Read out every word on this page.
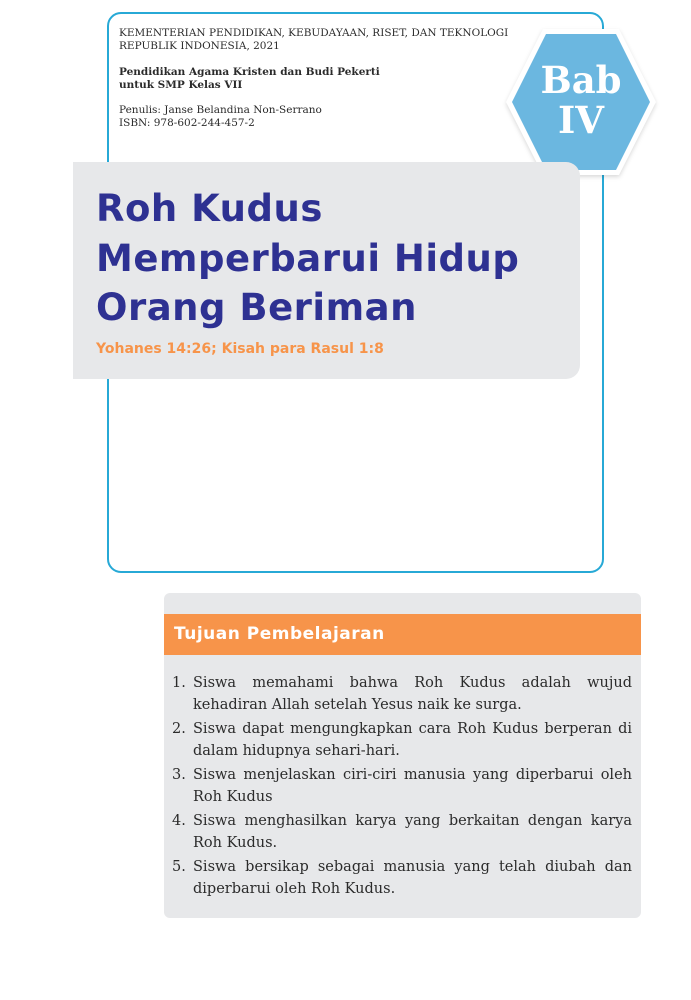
KEMENTERIAN PENDIDIKAN, KEBUDAYAAN, RISET, DAN TEKNOLOGI
REPUBLIK INDONESIA, 2021
Pendidikan Agama Kristen dan Budi Pekerti
untuk SMP Kelas VII
Penulis: Janse Belandina Non-Serrano
ISBN: 978-602-244-457-2
Bab
IV
Roh Kudus
Memperbarui Hidup
Orang Beriman
Yohanes 14:26; Kisah para Rasul 1:8
Tujuan Pembelajaran
1. Siswa memahami bahwa Roh Kudus adalah wujud kehadiran Allah setelah Yesus naik ke surga.
2. Siswa dapat mengungkapkan cara Roh Kudus berperan di dalam hidupnya sehari-hari.
3. Siswa menjelaskan ciri-ciri manusia yang diperbarui oleh Roh Kudus
4. Siswa menghasilkan karya yang berkaitan dengan karya Roh Kudus.
5. Siswa bersikap sebagai manusia yang telah diubah dan diperbarui oleh Roh Kudus.
